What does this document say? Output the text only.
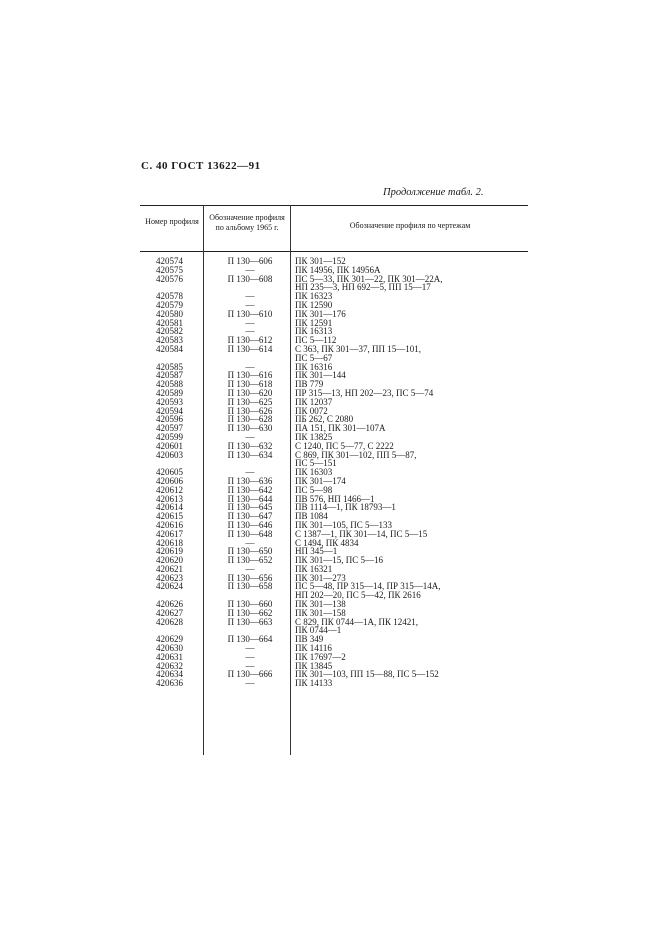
С. 40 ГОСТ 13622—91
Продолжение табл. 2.
Номер профиля	Обозначение профиля по альбому 1965 г.	Обозначение профиля по чертежам
420574	П 130—606	ПК 301—152
420575	—	ПК 14956, ПК 14956А
420576	П 130—608	ПС 5—33, ПК 301—22, ПК 301—22А,
НП 235—3, НП 692—5, ПП 15—17
420578	—	ПК 16323
420579	—	ПК 12590
420580	П 130—610	ПК 301—176
420581	—	ПК 12591
420582	—	ПК 16313
420583	П 130—612	ПС 5—112
420584	П 130—614	С 363, ПК 301—37, ПП 15—101,
ПС 5—67
420585	—	ПК 16316
420587	П 130—616	ПК 301—144
420588	П 130—618	ПВ 779
420589	П 130—620	ПР 315—13, НП 202—23, ПС 5—74
420593	П 130—625	ПК 12037
420594	П 130—626	ПК 0072
420596	П 130—628	ПБ 262, С 2080
420597	П 130—630	ПА 151, ПК 301—107А
420599	—	ПК 13825
420601	П 130—632	С 1240, ПС 5—77, С 2222
420603	П 130—634	С 869, ПК 301—102, ПП 5—87,
ПС 5—151
420605	—	ПК 16303
420606	П 130—636	ПК 301—174
420612	П 130—642	ПС 5—98
420613	П 130—644	ПВ 576, НП 1466—1
420614	П 130—645	ПВ 1114—1, ПК 18793—1
420615	П 130—647	ПВ 1084
420616	П 130—646	ПК 301—105, ПС 5—133
420617	П 130—648	С 1387—1, ПК 301—14, ПС 5—15
420618	—	С 1494, ПК 4834
420619	П 130—650	НП 345—1
420620	П 130—652	ПК 301—15, ПС 5—16
420621	—	ПК 16321
420623	П 130—656	ПК 301—273
420624	П 130—658	ПС 5—48, ПР 315—14, ПР 315—14А,
НП 202—20, ПС 5—42, ПК 2616
420626	П 130—660	ПК 301—138
420627	П 130—662	ПК 301—158
420628	П 130—663	С 829, ПК 0744—1А, ПК 12421,
ПК 0744—1
420629	П 130—664	ПВ 349
420630	—	ПК 14116
420631	—	ПК 17697—2
420632	—	ПК 13845
420634	П 130—666	ПК 301—103, ПП 15—88, ПС 5—152
420636	—	ПК 14133
